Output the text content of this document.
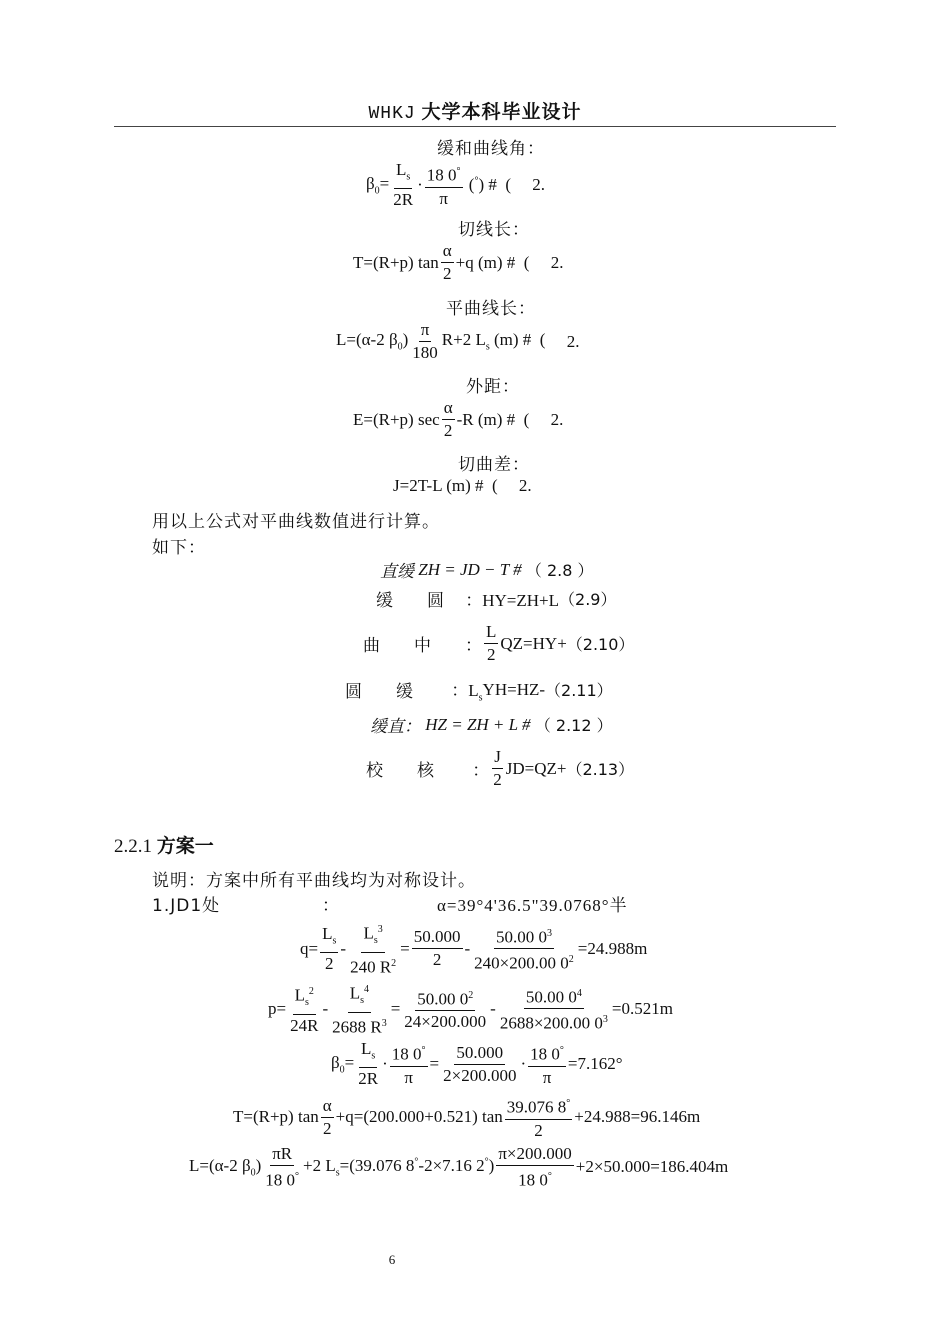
WHKJ 大学本科毕业设计
缓和曲线角：
$\beta_0= \frac{L_s}{2R} \cdot \frac{18 0^\circ}{\pi} (^\circ)$ #  ( 2.
切线长：
T=(R+p) $\tan \frac{\alpha}{2} +q$ (m) #  ( 2.
平曲线长：
L=(α-2 $\beta_0) \frac{\pi}{180} R+2$ $L_s$ (m) #  ( 2.
外距：
E=(R+p) $\sec \frac{\alpha}{2} -R$ (m) #  ( 2.
切曲差：
J=2T-L (m) #  ( 2.
用以上公式对平曲线数值进行计算。
如下：
直缓
ZH = JD − T #
（ 2.8 ）
缓　　圆
：HY=ZH+L （2.9）
曲　　中 ： $\frac{L}{2} QZ=HY+ (2.10)$
圆　　缓 ：$L_s$ YH=HZ- （2.11）
缓直：
HZ = ZH + L #
（ 2.12 ）
校　　核 ： $\frac{J}{2} JD=QZ+ (2.13)$
2.2.1 方案一
说明：方案中所有平曲线均为对称设计。
1.JD1处	：	α=39°4'36.5"39.0768°半
$q= \frac{L_s}{2} - \frac{L_s^3}{240 R^2} = \frac{50.000}{2} - \frac{50.00 0^3}{240\times 200.00 0^2} =24.988m$
$p= \frac{L_s^2}{24R} - \frac{L_s^4}{2688 R^3} = \frac{50.00 0^2}{24\times 200.000} - \frac{50.00 0^4}{2688\times 200.00 0^3} =0.521m$
$\beta_0= \frac{L_s}{2R} \cdot \frac{18 0^\circ}{\pi} = \frac{50.000}{2\times 200.000} \cdot \frac{18 0^\circ}{\pi} =7.162^\circ$
T=(R+p) $\tan \frac{\alpha}{2} +q=(200.000+0.521)$ $\tan \frac{39.076 8^\circ}{2} +24.988=96.146m$
L=(α-2 $\beta_0) \frac{\pi R}{18 0^\circ} +2$ $L_s=(39.076$ 8°-2×7.16 $2^\circ) \frac{\pi\times 200.000}{18 0^\circ} +2\times 50.000=186.404m$
6
